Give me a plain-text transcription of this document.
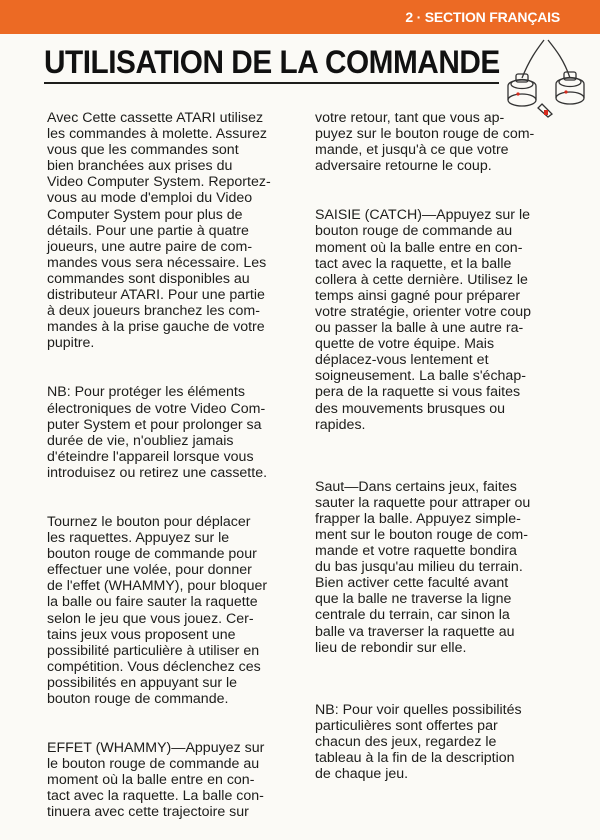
2 · SECTION FRANÇAIS
UTILISATION DE LA COMMANDE

Avec Cette cassette ATARI utilisez
les commandes à molette. Assurez
vous que les commandes sont
bien branchées aux prises du
Video Computer System. Reportez-
vous au mode d'emploi du Video
Computer System pour plus de
détails. Pour une partie à quatre
joueurs, une autre paire de com-
mandes vous sera nécessaire. Les
commandes sont disponibles au
distributeur ATARI. Pour une partie
à deux joueurs branchez les com-
mandes à la prise gauche de votre
pupitre.

NB: Pour protéger les éléments
électroniques de votre Video Com-
puter System et pour prolonger sa
durée de vie, n'oubliez jamais
d'éteindre l'appareil lorsque vous
introduisez ou retirez une cassette.

Tournez le bouton pour déplacer
les raquettes. Appuyez sur le
bouton rouge de commande pour
effectuer une volée, pour donner
de l'effet (WHAMMY), pour bloquer
la balle ou faire sauter la raquette
selon le jeu que vous jouez. Cer-
tains jeux vous proposent une
possibilité particulière à utiliser en
compétition. Vous déclenchez ces
possibilités en appuyant sur le
bouton rouge de commande.

EFFET (WHAMMY)—Appuyez sur
le bouton rouge de commande au
moment où la balle entre en con-
tact avec la raquette. La balle con-
tinuera avec cette trajectoire sur

votre retour, tant que vous ap-
puyez sur le bouton rouge de com-
mande, et jusqu'à ce que votre
adversaire retourne le coup.

SAISIE (CATCH)—Appuyez sur le
bouton rouge de commande au
moment où la balle entre en con-
tact avec la raquette, et la balle
collera à cette dernière. Utilisez le
temps ainsi gagné pour préparer
votre stratégie, orienter votre coup
ou passer la balle à une autre ra-
quette de votre équipe. Mais
déplacez-vous lentement et
soigneusement. La balle s'échap-
pera de la raquette si vous faites
des mouvements brusques ou
rapides.

Saut—Dans certains jeux, faites
sauter la raquette pour attraper ou
frapper la balle. Appuyez simple-
ment sur le bouton rouge de com-
mande et votre raquette bondira
du bas jusqu'au milieu du terrain.
Bien activer cette faculté avant
que la balle ne traverse la ligne
centrale du terrain, car sinon la
balle va traverser la raquette au
lieu de rebondir sur elle.

NB: Pour voir quelles possibilités
particulières sont offertes par
chacun des jeux, regardez le
tableau à la fin de la description
de chaque jeu.
